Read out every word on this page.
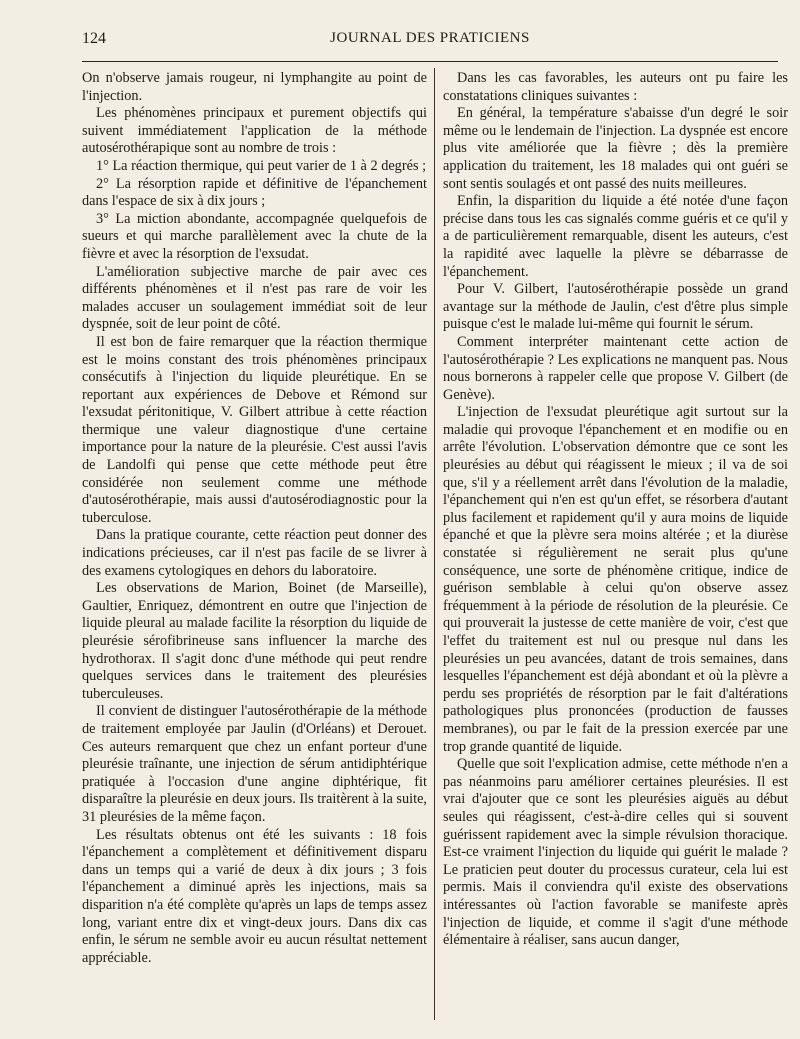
124	JOURNAL DES PRATICIENS

On n'observe jamais rougeur, ni lymphangite au point de l'injection.

Les phénomènes principaux et purement objectifs qui suivent immédiatement l'application de la méthode autosérothérapique sont au nombre de trois :

1° La réaction thermique, qui peut varier de 1 à 2 degrés ;

2° La résorption rapide et définitive de l'épanchement dans l'espace de six à dix jours ;

3° La miction abondante, accompagnée quelquefois de sueurs et qui marche parallèlement avec la chute de la fièvre et avec la résorption de l'exsudat.

L'amélioration subjective marche de pair avec ces différents phénomènes et il n'est pas rare de voir les malades accuser un soulagement immédiat soit de leur dyspnée, soit de leur point de côté.

Il est bon de faire remarquer que la réaction thermique est le moins constant des trois phénomènes principaux consécutifs à l'injection du liquide pleurétique. En se reportant aux expériences de Debove et Rémond sur l'exsudat péritonitique, V. Gilbert attribue à cette réaction thermique une valeur diagnostique d'une certaine importance pour la nature de la pleurésie. C'est aussi l'avis de Landolfi qui pense que cette méthode peut être considérée non seulement comme une méthode d'autosérothérapie, mais aussi d'autosérodiagnostic pour la tuberculose.

Dans la pratique courante, cette réaction peut donner des indications précieuses, car il n'est pas facile de se livrer à des examens cytologiques en dehors du laboratoire.

Les observations de Marion, Boinet (de Marseille), Gaultier, Enriquez, démontrent en outre que l'injection de liquide pleural au malade facilite la résorption du liquide de pleurésie sérofibrineuse sans influencer la marche des hydrothorax. Il s'agit donc d'une méthode qui peut rendre quelques services dans le traitement des pleurésies tuberculeuses.

Il convient de distinguer l'autosérothérapie de la méthode de traitement employée par Jaulin (d'Orléans) et Derouet. Ces auteurs remarquent que chez un enfant porteur d'une pleurésie traînante, une injection de sérum antidiphtérique pratiquée à l'occasion d'une angine diphtérique, fit disparaître la pleurésie en deux jours. Ils traitèrent à la suite, 31 pleurésies de la même façon.

Les résultats obtenus ont été les suivants : 18 fois l'épanchement a complètement et définitivement disparu dans un temps qui a varié de deux à dix jours ; 3 fois l'épanchement a diminué après les injections, mais sa disparition n'a été complète qu'après un laps de temps assez long, variant entre dix et vingt-deux jours. Dans dix cas enfin, le sérum ne semble avoir eu aucun résultat nettement appréciable.

Dans les cas favorables, les auteurs ont pu faire les constatations cliniques suivantes :

En général, la température s'abaisse d'un degré le soir même ou le lendemain de l'injection. La dyspnée est encore plus vite améliorée que la fièvre ; dès la première application du traitement, les 18 malades qui ont guéri se sont sentis soulagés et ont passé des nuits meilleures.

Enfin, la disparition du liquide a été notée d'une façon précise dans tous les cas signalés comme guéris et ce qu'il y a de particulièrement remarquable, disent les auteurs, c'est la rapidité avec laquelle la plèvre se débarrasse de l'épanchement.

Pour V. Gilbert, l'autosérothérapie possède un grand avantage sur la méthode de Jaulin, c'est d'être plus simple puisque c'est le malade lui-même qui fournit le sérum.

Comment interpréter maintenant cette action de l'autosérothérapie ? Les explications ne manquent pas. Nous nous bornerons à rappeler celle que propose V. Gilbert (de Genève).

L'injection de l'exsudat pleurétique agit surtout sur la maladie qui provoque l'épanchement et en modifie ou en arrête l'évolution. L'observation démontre que ce sont les pleurésies au début qui réagissent le mieux ; il va de soi que, s'il y a réellement arrêt dans l'évolution de la maladie, l'épanchement qui n'en est qu'un effet, se résorbera d'autant plus facilement et rapidement qu'il y aura moins de liquide épanché et que la plèvre sera moins altérée ; et la diurèse constatée si régulièrement ne serait plus qu'une conséquence, une sorte de phénomène critique, indice de guérison semblable à celui qu'on observe assez fréquemment à la période de résolution de la pleurésie. Ce qui prouverait la justesse de cette manière de voir, c'est que l'effet du traitement est nul ou presque nul dans les pleurésies un peu avancées, datant de trois semaines, dans lesquelles l'épanchement est déjà abondant et où la plèvre a perdu ses propriétés de résorption par le fait d'altérations pathologiques plus prononcées (production de fausses membranes), ou par le fait de la pression exercée par une trop grande quantité de liquide.

Quelle que soit l'explication admise, cette méthode n'en a pas néanmoins paru améliorer certaines pleurésies. Il est vrai d'ajouter que ce sont les pleurésies aiguës au début seules qui réagissent, c'est-à-dire celles qui si souvent guérissent rapidement avec la simple révulsion thoracique. Est-ce vraiment l'injection du liquide qui guérit le malade ? Le praticien peut douter du processus curateur, cela lui est permis. Mais il conviendra qu'il existe des observations intéressantes où l'action favorable se manifeste après l'injection de liquide, et comme il s'agit d'une méthode élémentaire à réaliser, sans aucun danger,
